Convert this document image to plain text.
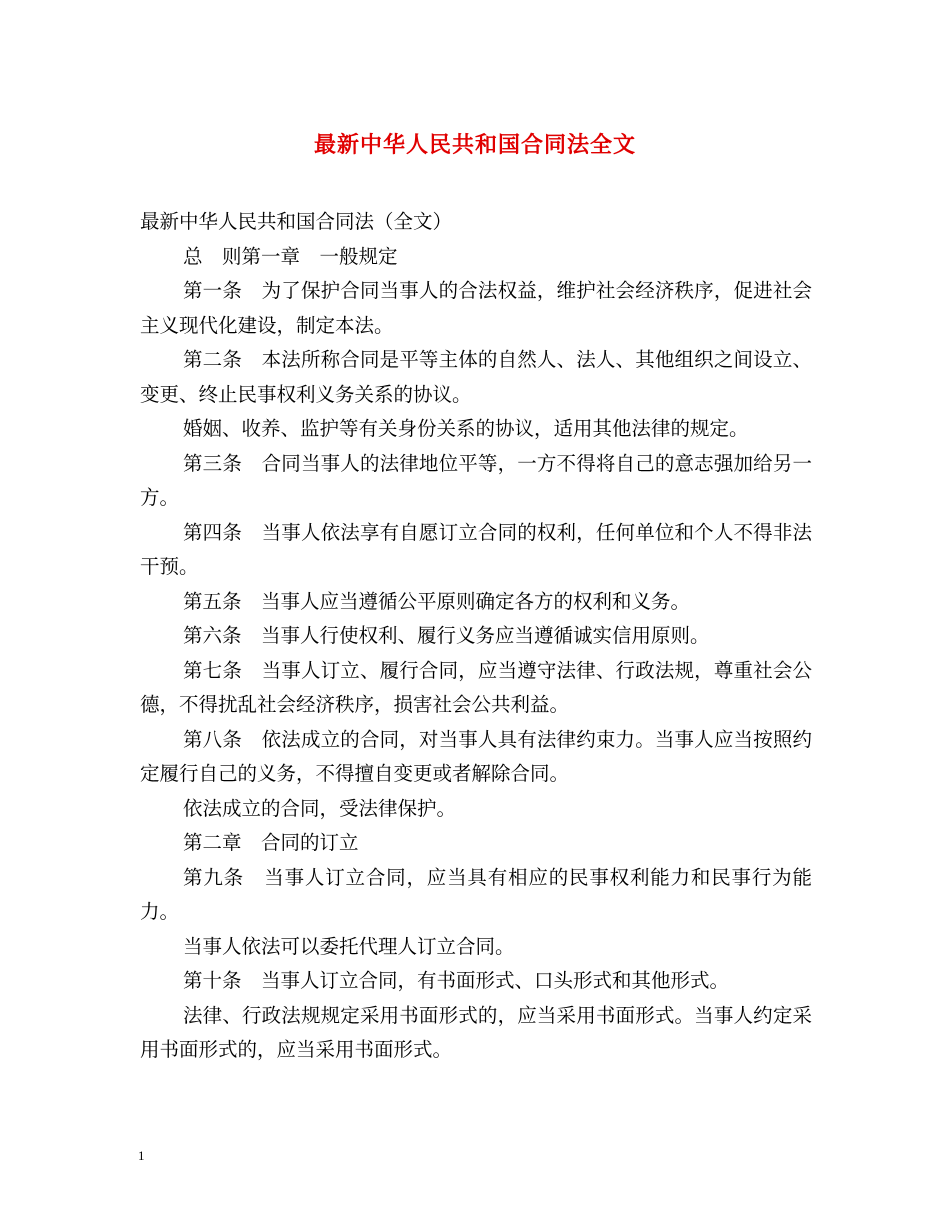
最新中华人民共和国合同法全文

最新中华人民共和国合同法（全文）

总　则第一章　一般规定

第一条　为了保护合同当事人的合法权益，维护社会经济秩序，促进社会主义现代化建设，制定本法。

第二条　本法所称合同是平等主体的自然人、法人、其他组织之间设立、变更、终止民事权利义务关系的协议。

婚姻、收养、监护等有关身份关系的协议，适用其他法律的规定。

第三条　合同当事人的法律地位平等，一方不得将自己的意志强加给另一方。

第四条　当事人依法享有自愿订立合同的权利，任何单位和个人不得非法干预。

第五条　当事人应当遵循公平原则确定各方的权利和义务。

第六条　当事人行使权利、履行义务应当遵循诚实信用原则。

第七条　当事人订立、履行合同，应当遵守法律、行政法规，尊重社会公德，不得扰乱社会经济秩序，损害社会公共利益。

第八条　依法成立的合同，对当事人具有法律约束力。当事人应当按照约定履行自己的义务，不得擅自变更或者解除合同。

依法成立的合同，受法律保护。

第二章　合同的订立

第九条　当事人订立合同，应当具有相应的民事权利能力和民事行为能力。

当事人依法可以委托代理人订立合同。

第十条　当事人订立合同，有书面形式、口头形式和其他形式。

法律、行政法规规定采用书面形式的，应当采用书面形式。当事人约定采用书面形式的，应当采用书面形式。

1
